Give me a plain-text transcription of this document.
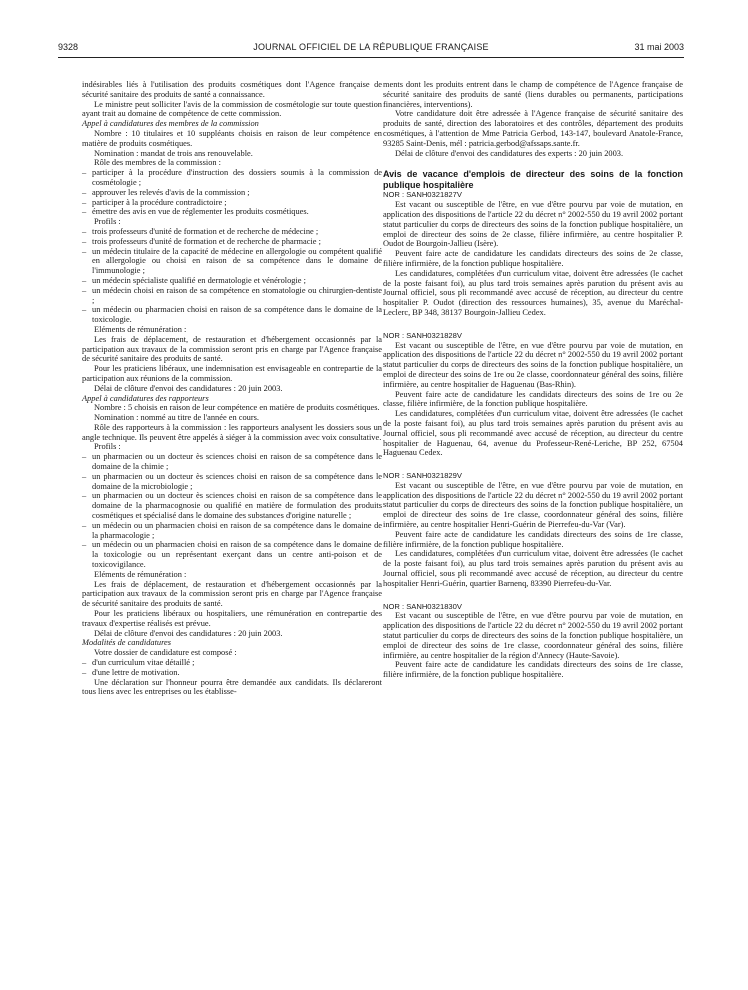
9328	JOURNAL OFFICIEL DE LA RÉPUBLIQUE FRANÇAISE	31 mai 2003

indésirables liés à l'utilisation des produits cosmétiques dont l'Agence française de sécurité sanitaire des produits de santé a connaissance.

Le ministre peut solliciter l'avis de la commission de cosmétologie sur toute question ayant trait au domaine de compétence de cette commission.

Appel à candidatures des membres de la commission

Nombre : 10 titulaires et 10 suppléants choisis en raison de leur compétence en matière de produits cosmétiques.

Nomination : mandat de trois ans renouvelable.

Rôle des membres de la commission :

– participer à la procédure d'instruction des dossiers soumis à la commission de cosmétologie ;

– approuver les relevés d'avis de la commission ;

– participer à la procédure contradictoire ;

– émettre des avis en vue de réglementer les produits cosmétiques.

Profils :

– trois professeurs d'unité de formation et de recherche de médecine ;

– trois professeurs d'unité de formation et de recherche de pharmacie ;

– un médecin titulaire de la capacité de médecine en allergologie ou compétent qualifié en allergologie ou choisi en raison de sa compétence dans le domaine de l'immunologie ;

– un médecin spécialiste qualifié en dermatologie et vénérologie ;

– un médecin choisi en raison de sa compétence en stomatologie ou chirurgien-dentiste ;

– un médecin ou pharmacien choisi en raison de sa compétence dans le domaine de la toxicologie.

Eléments de rémunération :

Les frais de déplacement, de restauration et d'hébergement occasionnés par la participation aux travaux de la commission seront pris en charge par l'Agence française de sécurité sanitaire des produits de santé.

Pour les praticiens libéraux, une indemnisation est envisageable en contrepartie de la participation aux réunions de la commission.

Délai de clôture d'envoi des candidatures : 20 juin 2003.

Appel à candidatures des rapporteurs

Nombre : 5 choisis en raison de leur compétence en matière de produits cosmétiques.

Nomination : nommé au titre de l'année en cours.

Rôle des rapporteurs à la commission : les rapporteurs analysent les dossiers sous un angle technique. Ils peuvent être appelés à siéger à la commission avec voix consultative.

Profils :

– un pharmacien ou un docteur ès sciences choisi en raison de sa compétence dans le domaine de la chimie ;

– un pharmacien ou un docteur ès sciences choisi en raison de sa compétence dans le domaine de la microbiologie ;

– un pharmacien ou un docteur ès sciences choisi en raison de sa compétence dans le domaine de la pharmacognosie ou qualifié en matière de formulation des produits cosmétiques et spécialisé dans le domaine des substances d'origine naturelle ;

– un médecin ou un pharmacien choisi en raison de sa compétence dans le domaine de la pharmacologie ;

– un médecin ou un pharmacien choisi en raison de sa compétence dans le domaine de la toxicologie ou un représentant exerçant dans un centre anti-poison et de toxicovigilance.

Eléments de rémunération :

Les frais de déplacement, de restauration et d'hébergement occasionnés par la participation aux travaux de la commission seront pris en charge par l'Agence française de sécurité sanitaire des produits de santé.

Pour les praticiens libéraux ou hospitaliers, une rémunération en contrepartie des travaux d'expertise réalisés est prévue.

Délai de clôture d'envoi des candidatures : 20 juin 2003.

Modalités de candidatures

Votre dossier de candidature est composé :

– d'un curriculum vitae détaillé ;

– d'une lettre de motivation.

Une déclaration sur l'honneur pourra être demandée aux candidats. Ils déclareront tous liens avec les entreprises ou les établisse-

ments dont les produits entrent dans le champ de compétence de l'Agence française de sécurité sanitaire des produits de santé (liens durables ou permanents, participations financières, interventions).

Votre candidature doit être adressée à l'Agence française de sécurité sanitaire des produits de santé, direction des laboratoires et des contrôles, département des produits cosmétiques, à l'attention de Mme Patricia Gerbod, 143-147, boulevard Anatole-France, 93285 Saint-Denis, mél : patricia.gerbod@afssaps.sante.fr.

Délai de clôture d'envoi des candidatures des experts : 20 juin 2003.

Avis de vacance d'emplois de directeur des soins de la fonction publique hospitalière

NOR : SANH0321827V

Est vacant ou susceptible de l'être, en vue d'être pourvu par voie de mutation, en application des dispositions de l'article 22 du décret n° 2002-550 du 19 avril 2002 portant statut particulier du corps de directeurs des soins de la fonction publique hospitalière, un emploi de directeur des soins de 2e classe, filière infirmière, au centre hospitalier P. Oudot de Bourgoin-Jallieu (Isère).

Peuvent faire acte de candidature les candidats directeurs des soins de 2e classe, filière infirmière, de la fonction publique hospitalière.

Les candidatures, complétées d'un curriculum vitae, doivent être adressées (le cachet de la poste faisant foi), au plus tard trois semaines après parution du présent avis au Journal officiel, sous pli recommandé avec accusé de réception, au directeur du centre hospitalier P. Oudot (direction des ressources humaines), 35, avenue du Maréchal-Leclerc, BP 348, 38137 Bourgoin-Jallieu Cedex.

NOR : SANH0321828V

Est vacant ou susceptible de l'être, en vue d'être pourvu par voie de mutation, en application des dispositions de l'article 22 du décret n° 2002-550 du 19 avril 2002 portant statut particulier du corps de directeurs des soins de la fonction publique hospitalière, un emploi de directeur des soins de 1re ou 2e classe, coordonnateur général des soins, filière infirmière, au centre hospitalier de Haguenau (Bas-Rhin).

Peuvent faire acte de candidature les candidats directeurs des soins de 1re ou 2e classe, filière infirmière, de la fonction publique hospitalière.

Les candidatures, complétées d'un curriculum vitae, doivent être adressées (le cachet de la poste faisant foi), au plus tard trois semaines après parution du présent avis au Journal officiel, sous pli recommandé avec accusé de réception, au directeur du centre hospitalier de Haguenau, 64, avenue du Professeur-René-Leriche, BP 252, 67504 Haguenau Cedex.

NOR : SANH0321829V

Est vacant ou susceptible de l'être, en vue d'être pourvu par voie de mutation, en application des dispositions de l'article 22 du décret n° 2002-550 du 19 avril 2002 portant statut particulier du corps de directeurs des soins de la fonction publique hospitalière, un emploi de directeur des soins de 1re classe, coordonnateur général des soins, filière infirmière, au centre hospitalier Henri-Guérin de Pierrefeu-du-Var (Var).

Peuvent faire acte de candidature les candidats directeurs des soins de 1re classe, filière infirmière, de la fonction publique hospitalière.

Les candidatures, complétées d'un curriculum vitae, doivent être adressées (le cachet de la poste faisant foi), au plus tard trois semaines après parution du présent avis au Journal officiel, sous pli recommandé avec accusé de réception, au directeur du centre hospitalier Henri-Guérin, quartier Barnenq, 83390 Pierrefeu-du-Var.

NOR : SANH0321830V

Est vacant ou susceptible de l'être, en vue d'être pourvu par voie de mutation, en application des dispositions de l'article 22 du décret n° 2002-550 du 19 avril 2002 portant statut particulier du corps de directeurs des soins de la fonction publique hospitalière, un emploi de directeur des soins de 1re classe, coordonnateur général des soins, filière infirmière, au centre hospitalier de la région d'Annecy (Haute-Savoie).

Peuvent faire acte de candidature les candidats directeurs des soins de 1re classe, filière infirmière, de la fonction publique hospitalière.
